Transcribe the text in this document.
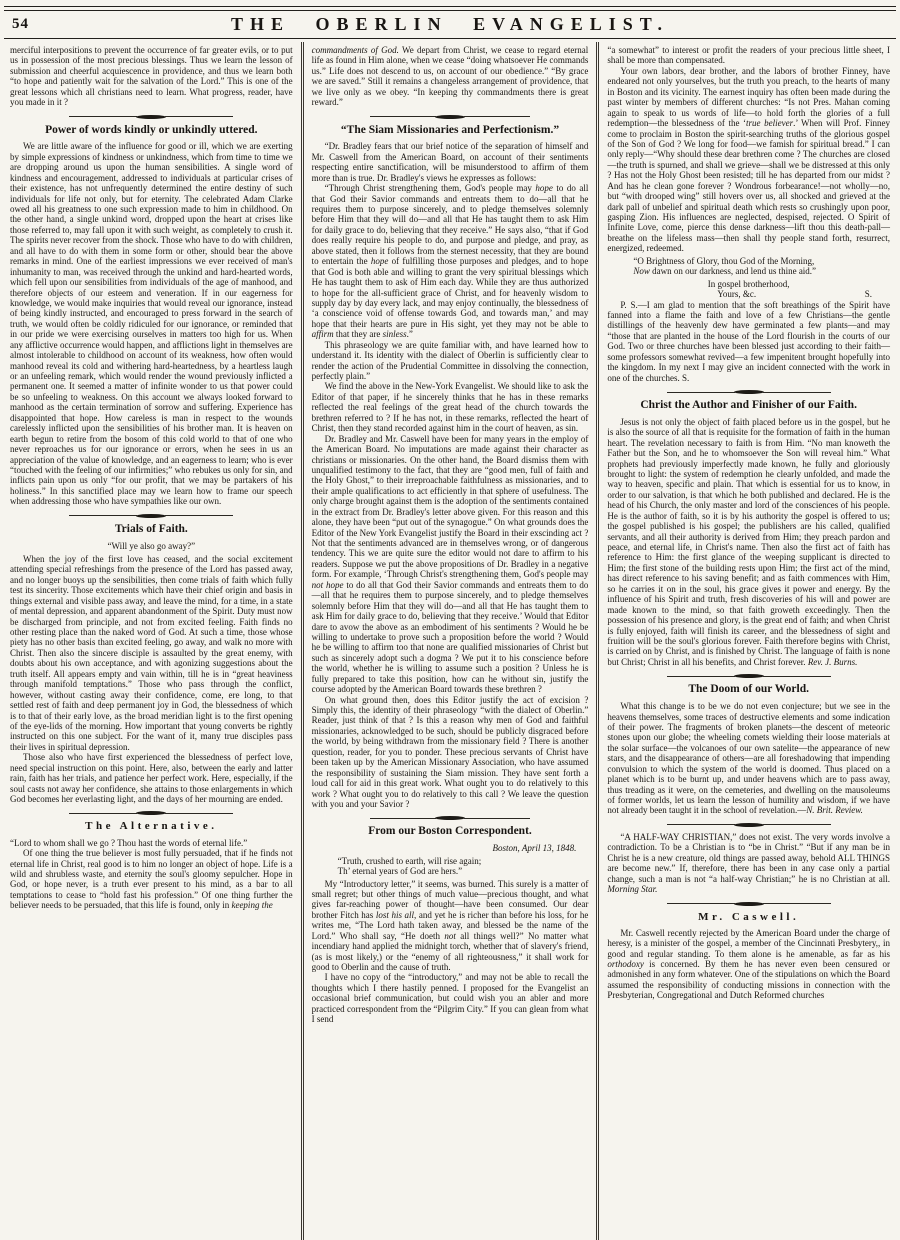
54	THE OBERLIN EVANGELIST.
merciful interpositions to prevent the occurrence of far greater evils, or to put us in possession of the most precious blessings. Thus we learn the lesson of submission and cheerful acquiescence in providence, and thus we learn both “to hope and patiently wait for the salvation of the Lord.” This is one of the great lessons which all christians need to learn. What progress, reader, have you made in it ?
Power of words kindly or unkindly uttered.
We are little aware of the influence for good or ill, which we are exerting by simple expressions of kindness or unkindness, which from time to time we are dropping around us upon the human sensibilities. A single word of kindness and encouragement, addressed to individuals at particular crises of their existence, has not unfrequently determined the entire destiny of such individuals for life not only, but for eternity. The celebrated Adam Clarke owed all his greatness to one such expression made to him in childhood. On the other hand, a single unkind word, dropped upon the heart at crises like those referred to, may fall upon it with such weight, as completely to crush it. The spirits never recover from the shock. Those who have to do with children, and all have to do with them in some form or other, should bear the above remarks in mind. One of the earliest impressions we ever received of man's inhumanity to man, was received through the unkind and hard-hearted words, which fell upon our sensibilities from individuals of the age of manhood, and therefore objects of our esteem and veneration. If in our eagerness for knowledge, we would make inquiries that would reveal our ignorance, instead of being kindly instructed, and encouraged to press forward in the search of truth, we would often be coldly ridiculed for our ignorance, or reminded that in our pride we were exercising ourselves in matters too high for us. When any afflictive occurrence would happen, and afflictions light in themselves are almost intolerable to childhood on account of its weakness, how often would manhood reveal its cold and withering hard-heartedness, by a heartless laugh or an unfeeling remark, which would render the wound previously inflicted a permanent one. It seemed a matter of infinite wonder to us that power could be so unfeeling to weakness. On this account we always looked forward to manhood as the certain termination of sorrow and suffering. Experience has disappointed that hope. How careless is man in respect to the wounds carelessly inflicted upon the sensibilities of his brother man. It is heaven on earth begun to retire from the bosom of this cold world to that of one who never reproaches us for our ignorance or errors, when he sees in us an appreciation of the value of knowledge, and an eagerness to learn; who is ever “touched with the feeling of our infirmities;” who rebukes us only for sin, and inflicts pain upon us only “for our profit, that we may be partakers of his holiness.” In this sanctified place may we learn how to frame our speech when addressing those who have sympathies like our own.
Trials of Faith.
“Will ye also go away?”
When the joy of the first love has ceased, and the social excitement attending special refreshings from the presence of the Lord has passed away, and no longer buoys up the sensibilities, then come trials of faith which fully test its sincerity. Those excitements which have their chief origin and basis in things external and visible pass away, and leave the mind, for a time, in a state of mental depression, and apparent abandonment of the Spirit. Duty must now be discharged from principle, and not from excited feeling. Faith finds no other resting place than the naked word of God. At such a time, those whose piety has no other basis than excited feeling, go away, and walk no more with Christ. Then also the sincere disciple is assaulted by the great enemy, with doubts about his own acceptance, and with agonizing suggestions about the truth itself. All appears empty and vain within, till he is in “great heaviness through manifold temptations.” Those who pass through the conflict, however, without casting away their confidence, come, ere long, to that settled rest of faith and deep permanent joy in God, the blessedness of which is to that of their early love, as the broad meridian light is to the first opening of the eye-lids of the morning. How important that young converts be rightly instructed on this one subject. For the want of it, many true disciples pass their lives in spiritual depression.
Those also who have first experienced the blessedness of perfect love, need special instruction on this point. Here, also, between the early and latter rain, faith has her trials, and patience her perfect work. Here, especially, if the soul casts not away her confidence, she attains to those enlargements in which God becomes her everlasting light, and the days of her mourning are ended.
The Alternative.
“Lord to whom shall we go ? Thou hast the words of eternal life.”
Of one thing the true believer is most fully persuaded, that if he finds not eternal life in Christ, real good is to him no longer an object of hope. Life is a wild and shrubless waste, and eternity the soul's gloomy sepulcher. Hope in God, or hope never, is a truth ever present to his mind, as a bar to all temptations to cease to “hold fast his profession.” Of one thing further the believer needs to be persuaded, that this life is found, only in keeping the
commandments of God. We depart from Christ, we cease to regard eternal life as found in Him alone, when we cease “doing whatsoever He commands us.” Life does not descend to us, on account of our obedience.” “By grace we are saved.” Still it remains a changeless arrangement of providence, that we live only as we obey. “In keeping thy commandments there is great reward.”
“The Siam Missionaries and Perfectionism.”
“Dr. Bradley fears that our brief notice of the separation of himself and Mr. Caswell from the American Board, on account of their sentiments respecting entire sanctification, will be misunderstood to affirm of them more than is true. Dr. Bradley's views he expresses as follows:
“Through Christ strengthening them, God's people may hope to do all that God their Savior commands and entreats them to do—all that he requires them to purpose sincerely, and to pledge themselves solemnly before Him that they will do—and all that He has taught them to ask Him for daily grace to do, believing that they receive.” He says also, “that if God does really require his people to do, and purpose and pledge, and pray, as above stated, then it follows from the sternest necessity, that they are bound to entertain the hope of fulfilling those purposes and pledges, and to hope that God is both able and willing to grant the very spiritual blessings which He has taught them to ask of Him each day. While they are thus authorized to hope for the all-sufficient grace of Christ, and for heavenly wisdom to supply day by day every lack, and may enjoy continually, the blessedness of ‘a conscience void of offense towards God, and towards man,’ and may hope that their hearts are pure in His sight, yet they may not be able to affirm that they are sinless.”
This phraseology we are quite familiar with, and have learned how to understand it. Its identity with the dialect of Oberlin is sufficiently clear to render the action of the Prudential Committee in dissolving the connection, perfectly plain.”
We find the above in the New-York Evangelist. We should like to ask the Editor of that paper, if he sincerely thinks that he has in these remarks reflected the real feelings of the great head of the church towards the brethren referred to ? If he has not, in these remarks, reflected the heart of Christ, then they stand recorded against him in the court of heaven, as sin.
Dr. Bradley and Mr. Caswell have been for many years in the employ of the American Board. No imputations are made against their character as christians or missionaries. On the other hand, the Board dismiss them with unqualified testimony to the fact, that they are “good men, full of faith and the Holy Ghost,” to their irreproachable faithfulness as missionaries, and to their ample qualifications to act efficiently in that sphere of usefulness. The only charge brought against them is the adoption of the sentiments contained in the extract from Dr. Bradley's letter above given. For this reason and this alone, they have been “put out of the synagogue.” On what grounds does the Editor of the New York Evangelist justify the Board in their exscinding act ? Not that the sentiments advanced are in themselves wrong, or of dangerous tendency. This we are quite sure the editor would not dare to affirm to his readers. Suppose we put the above propositions of Dr. Bradley in a negative form. For example, ‘Through Christ's strengthening them, God's people may not hope to do all that God their Savior commands and entreats them to do—all that he requires them to purpose sincerely, and to pledge themselves solemnly before Him that they will do—and all that He has taught them to ask Him for daily grace to do, believing that they receive.’ Would that Editor dare to avow the above as an embodiment of his sentiments ? Would he be willing to undertake to prove such a proposition before the world ? Would he be willing to affirm too that none are qualified missionaries of Christ but such as sincerely adopt such a dogma ? We put it to his conscience before the world, whether he is willing to assume such a position ? Unless he is fully prepared to take this position, how can he without sin, justify the course adopted by the American Board towards these brethren ?
On what ground then, does this Editor justify the act of excision ? Simply this, the identity of their phraseology “with the dialect of Oberlin.” Reader, just think of that ? Is this a reason why men of God and faithful missionaries, acknowledged to be such, should be publicly disgraced before the world, by being withdrawn from the missionary field ? There is another question, reader, for you to ponder. These precious servants of Christ have been taken up by the American Missionary Association, who have assumed the responsibility of sustaining the Siam mission. They have sent forth a loud call for aid in this great work. What ought you to do relatively to this work ? What ought you to do relatively to this call ? We leave the question with you and your Savior ?
From our Boston Correspondent.
Boston, April 13, 1848.
“Truth, crushed to earth, will rise again;
Th’ eternal years of God are hers.”
My “Introductory letter,” it seems, was burned. This surely is a matter of small regret; but other things of much value—precious thought, and what gives far-reaching power of thought—have been consumed. Our dear brother Fitch has lost his all, and yet he is richer than before his loss, for he writes me, “The Lord hath taken away, and blessed be the name of the Lord.” Who shall say, “He doeth not all things well?” No matter what incendiary hand applied the midnight torch, whether that of slavery's friend, (as is most likely,) or the “enemy of all righteousness,” it shall work for good to Oberlin and the cause of truth.
I have no copy of the “introductory,” and may not be able to recall the thoughts which I there hastily penned. I proposed for the Evangelist an occasional brief communication, but could wish you an abler and more practiced correspondent from the “Pilgrim City.” If you can glean from what I send
“a somewhat” to interest or profit the readers of your precious little sheet, I shall be more than compensated.
Your own labors, dear brother, and the labors of brother Finney, have endeared not only yourselves, but the truth you preach, to the hearts of many in Boston and its vicinity. The earnest inquiry has often been made during the past winter by members of different churches: “Is not Pres. Mahan coming again to speak to us words of life—to hold forth the glories of a full redemption—the blessedness of the ‘true believer.’ When will Prof. Finney come to proclaim in Boston the spirit-searching truths of the glorious gospel of the Son of God ? We long for food—we famish for spiritual bread.” I can only reply—“Why should these dear brethren come ? The churches are closed—the truth is spurned, and shall we grieve—shall we be distressed at this only ? Has not the Holy Ghost been resisted; till he has departed from our midst ? And has he clean gone forever ? Wondrous forbearance!—not wholly—no, but “with drooped wing” still hovers over us, all shocked and grieved at the dark pall of unbelief and spiritual death which rests so crushingly upon poor, gasping Zion. His influences are neglected, despised, rejected. O Spirit of Infinite Love, come, pierce this dense darkness—lift thou this death-pall—breathe on the lifeless mass—then shall thy people stand forth, resurrect, energized, redeemed.
“O Brightness of Glory, thou God of the Morning,
Now dawn on our darkness, and lend us thine aid.”
In gospel brotherhood,
Yours, &c.	S.
P. S.—I am glad to mention that the soft breathings of the Spirit have fanned into a flame the faith and love of a few Christians—the gentle distillings of the heavenly dew have germinated a few plants—and may “those that are planted in the house of the Lord flourish in the courts of our God. Two or three churches have been blessed just according to their faith—some professors somewhat revived—a few impenitent brought hopefully into the kingdom. In my next I may give an incident connected with the work in one of the churches. S.
Christ the Author and Finisher of our Faith.
Jesus is not only the object of faith placed before us in the gospel, but he is also the source of all that is requisite for the formation of faith in the human heart. The revelation necessary to faith is from Him. “No man knoweth the Father but the Son, and he to whomsoever the Son will reveal him.” What prophets had previously imperfectly made known, he fully and gloriously brought to light: the system of redemption he clearly unfolded, and made the way to heaven, specific and plain. That which is essential for us to know, in order to our salvation, is that which he both published and declared. He is the head of his Church, the only master and lord of the consciences of his people. He is the author of faith, so it is by his authority the gospel is offered to us; the gospel published is his gospel; the publishers are his called, qualified servants, and all their authority is derived from Him; they preach pardon and peace, and eternal life, in Christ's name. Then also the first act of faith has reference to Him: the first glance of the weeping supplicant is directed to Him; the first stone of the building rests upon Him; the first act of the mind, has direct reference to his saving benefit; and as faith commences with Him, so he carries it on in the soul, his grace gives it power and energy. By the influence of his Spirit and truth, fresh discoveries of his will and power are made known to the mind, so that faith groweth exceedingly. Then the possession of his presence and glory, is the great end of faith; and when Christ is fully enjoyed, faith will finish its career, and the blessedness of sight and fruition will be the soul's glorious forever. Faith therefore begins with Christ, is carried on by Christ, and is finished by Christ. The language of faith is none but Christ; Christ in all his benefits, and Christ forever. Rev. J. Burns.
The Doom of our World.
What this change is to be we do not even conjecture; but we see in the heavens themselves, some traces of destructive elements and some indication of their power. The fragments of broken planets—the descent of meteoric stones upon our globe; the wheeling comets wielding their loose materials at the solar surface—the volcanoes of our own satelite—the appearance of new stars, and the disappearance of others—are all foreshadowing that impending convulsion to which the system of the world is doomed. Thus placed on a planet which is to be burnt up, and under heavens which are to pass away, thus treading as it were, on the cemeteries, and dwelling on the mausoleums of former worlds, let us learn the lesson of humility and wisdom, if we have not already been taught it in the school of revelation.—N. Brit. Review.
“A HALF-WAY CHRISTIAN,” does not exist. The very words involve a contradiction. To be a Christian is to “be in Christ.” “But if any man be in Christ he is a new creature, old things are passed away, behold ALL THINGS are become new.” If, therefore, there has been in any case only a partial change, such a man is not “a half-way Christian;” he is no Christian at all. Morning Star.
Mr. Caswell.
Mr. Caswell recently rejected by the American Board under the charge of heresy, is a minister of the gospel, a member of the Cincinnati Presbytery,, in good and regular standing. To them alone is he amenable, as far as his orthodoxy is concerned. By them he has never even been censured or admonished in any form whatever. One of the stipulations on which the Board assumed the responsibility of conducting missions in connection with the Presbyterian, Congregational and Dutch Reformed churches
